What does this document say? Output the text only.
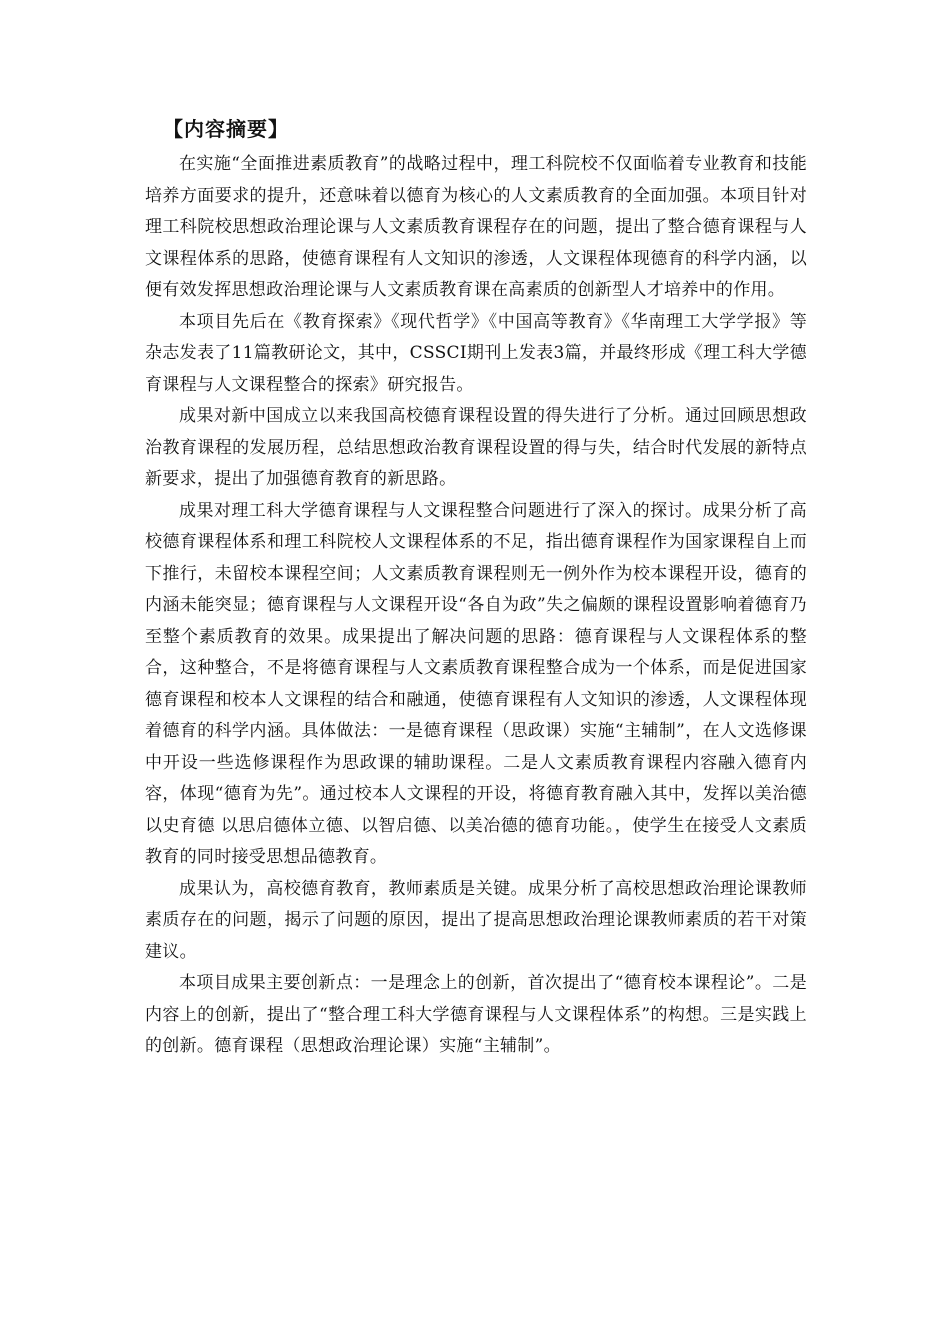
【内容摘要】

在实施“全面推进素质教育”的战略过程中，理工科院校不仅面临着专业教育和技能培养方面要求的提升，还意味着以德育为核心的人文素质教育的全面加强。本项目针对理工科院校思想政治理论课与人文素质教育课程存在的问题，提出了整合德育课程与人文课程体系的思路，使德育课程有人文知识的渗透，人文课程体现德育的科学内涵，以便有效发挥思想政治理论课与人文素质教育课在高素质的创新型人才培养中的作用。

本项目先后在《教育探索》《现代哲学》《中国高等教育》《华南理工大学学报》等杂志发表了11篇教研论文，其中，CSSCI期刊上发表3篇，并最终形成《理工科大学德育课程与人文课程整合的探索》研究报告。

成果对新中国成立以来我国高校德育课程设置的得失进行了分析。通过回顾思想政治教育课程的发展历程，总结思想政治教育课程设置的得与失，结合时代发展的新特点新要求，提出了加强德育教育的新思路。

成果对理工科大学德育课程与人文课程整合问题进行了深入的探讨。成果分析了高校德育课程体系和理工科院校人文课程体系的不足，指出德育课程作为国家课程自上而下推行，未留校本课程空间；人文素质教育课程则无一例外作为校本课程开设，德育的内涵未能突显；德育课程与人文课程开设“各自为政”失之偏颇的课程设置影响着德育乃至整个素质教育的效果。成果提出了解决问题的思路：德育课程与人文课程体系的整合，这种整合，不是将德育课程与人文素质教育课程整合成为一个体系，而是促进国家德育课程和校本人文课程的结合和融通，使德育课程有人文知识的渗透，人文课程体现着德育的科学内涵。具体做法：一是德育课程（思政课）实施“主辅制”，在人文选修课中开设一些选修课程作为思政课的辅助课程。二是人文素质教育课程内容融入德育内容，体现“德育为先”。通过校本人文课程的开设，将德育教育融入其中，发挥以美治德以史育德 以思启德体立德、以智启德、以美冶德的德育功能。，使学生在接受人文素质教育的同时接受思想品德教育。

成果认为，高校德育教育，教师素质是关键。成果分析了高校思想政治理论课教师素质存在的问题，揭示了问题的原因，提出了提高思想政治理论课教师素质的若干对策建议。

本项目成果主要创新点：一是理念上的创新，首次提出了“德育校本课程论”。二是内容上的创新，提出了“整合理工科大学德育课程与人文课程体系”的构想。三是实践上的创新。德育课程（思想政治理论课）实施“主辅制”。
